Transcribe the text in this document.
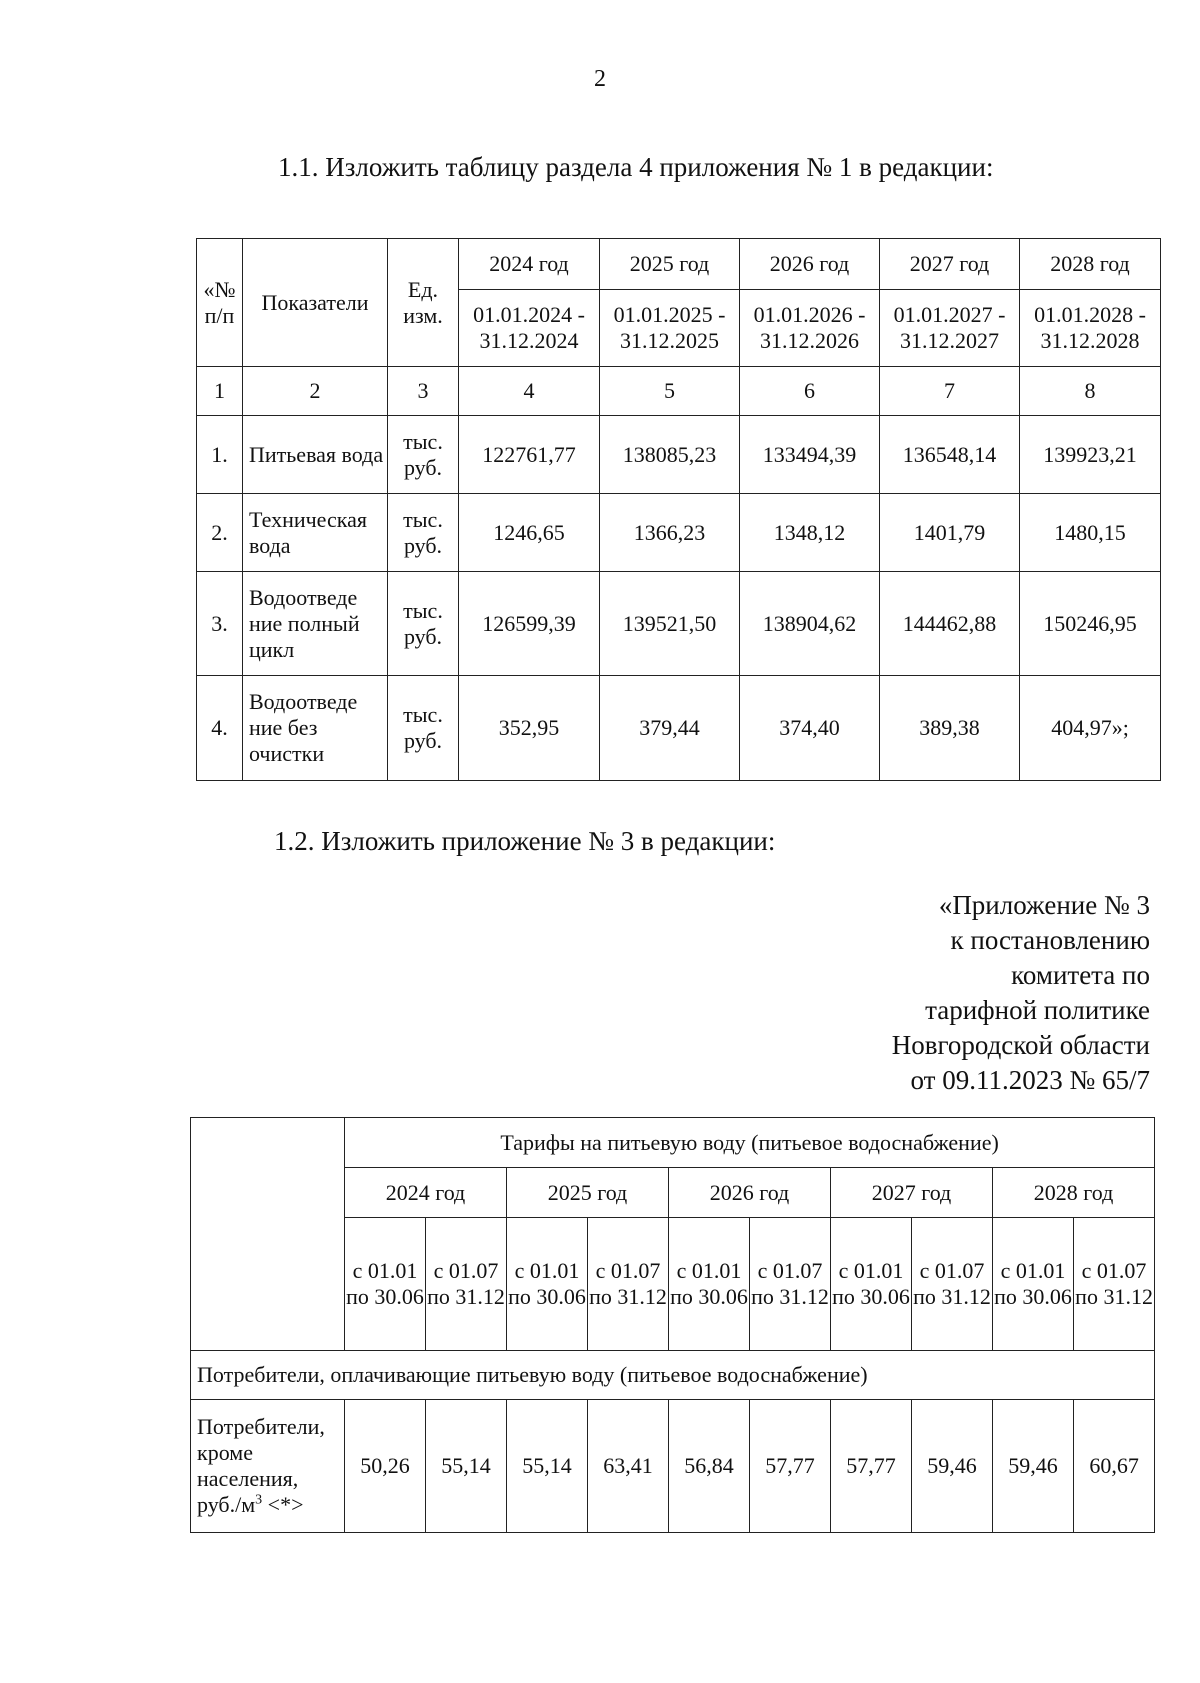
2
1.1. Изложить таблицу раздела 4 приложения № 1 в редакции:
«№ п/п	Показатели	Ед. изм.	2024 год	2025 год	2026 год	2027 год	2028 год
			01.01.2024 - 31.12.2024	01.01.2025 - 31.12.2025	01.01.2026 - 31.12.2026	01.01.2027 - 31.12.2027	01.01.2028 - 31.12.2028
1	2	3	4	5	6	7	8
1.	Питьевая вода	тыс. руб.	122761,77	138085,23	133494,39	136548,14	139923,21
2.	Техническая вода	тыс. руб.	1246,65	1366,23	1348,12	1401,79	1480,15
3.	Водоотведе ние полный цикл	тыс. руб.	126599,39	139521,50	138904,62	144462,88	150246,95
4.	Водоотведе ние без очистки	тыс. руб.	352,95	379,44	374,40	389,38	404,97»;
1.2. Изложить приложение № 3 в редакции:
«Приложение № 3
к постановлению
комитета по
тарифной политике
Новгородской области
от 09.11.2023 № 65/7
	Тарифы на питьевую воду (питьевое водоснабжение)									
	2024 год		2025 год		2026 год		2027 год		2028 год	
	с 01.01 по 30.06	с 01.07 по 31.12	с 01.01 по 30.06	с 01.07 по 31.12	с 01.01 по 30.06	с 01.07 по 31.12	с 01.01 по 30.06	с 01.07 по 31.12	с 01.01 по 30.06	с 01.07 по 31.12
Потребители, оплачивающие питьевую воду (питьевое водоснабжение)										
Потребители, кроме населения, $руб./м^3$ <*>	50,26	55,14	55,14	63,41	56,84	57,77	57,77	59,46	59,46	60,67
